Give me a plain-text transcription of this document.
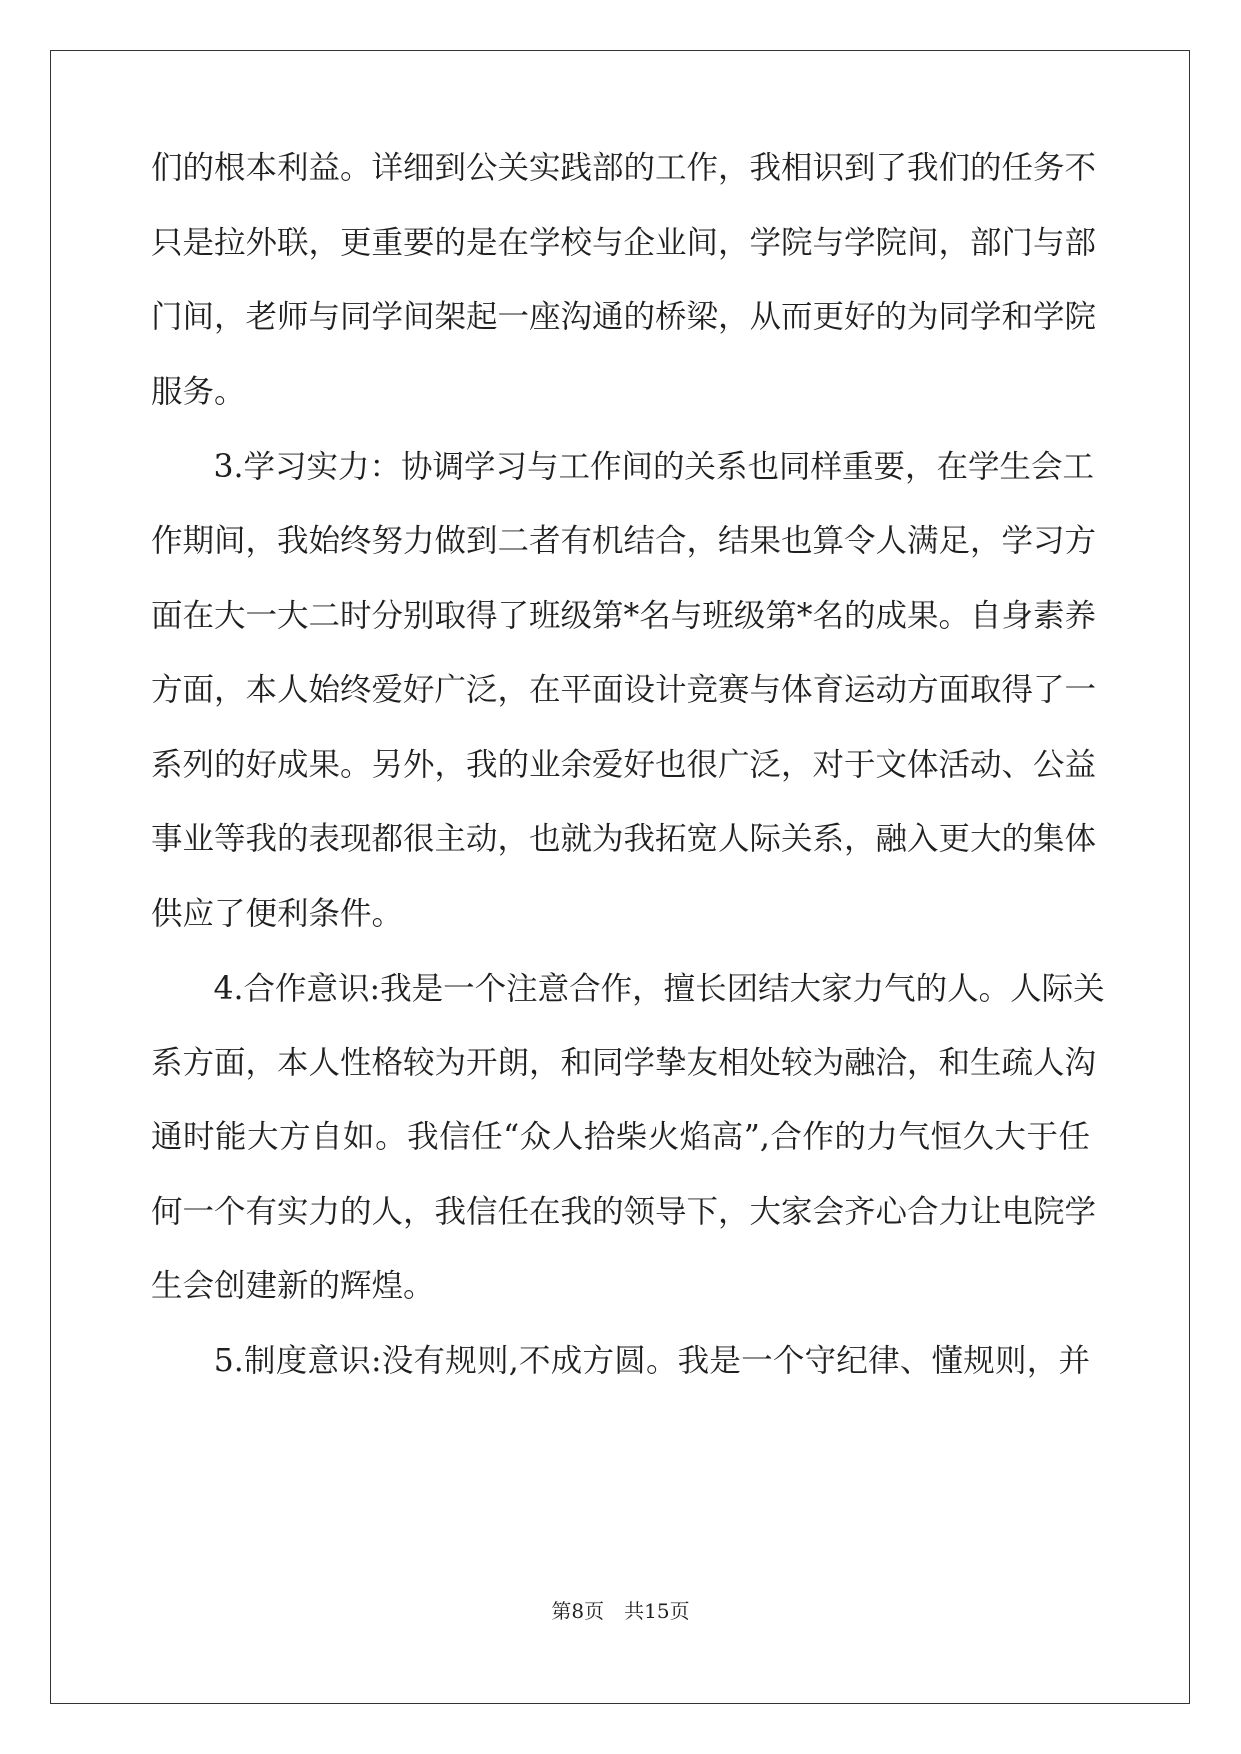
们的根本利益。详细到公关实践部的工作，我相识到了我们的任务不
只是拉外联，更重要的是在学校与企业间，学院与学院间，部门与部
门间，老师与同学间架起一座沟通的桥梁，从而更好的为同学和学院
服务。
　3.学习实力：协调学习与工作间的关系也同样重要，在学生会工
作期间，我始终努力做到二者有机结合，结果也算令人满足，学习方
面在大一大二时分别取得了班级第*名与班级第*名的成果。自身素养
方面，本人始终爱好广泛，在平面设计竞赛与体育运动方面取得了一
系列的好成果。另外，我的业余爱好也很广泛，对于文体活动、公益
事业等我的表现都很主动，也就为我拓宽人际关系，融入更大的集体
供应了便利条件。
　4.合作意识:我是一个注意合作，擅长团结大家力气的人。人际关
系方面，本人性格较为开朗，和同学挚友相处较为融洽，和生疏人沟
通时能大方自如。我信任“众人拾柴火焰高”,合作的力气恒久大于任
何一个有实力的人，我信任在我的领导下，大家会齐心合力让电院学
生会创建新的辉煌。
　5.制度意识:没有规则,不成方圆。我是一个守纪律、懂规则，并
第8页　共15页
